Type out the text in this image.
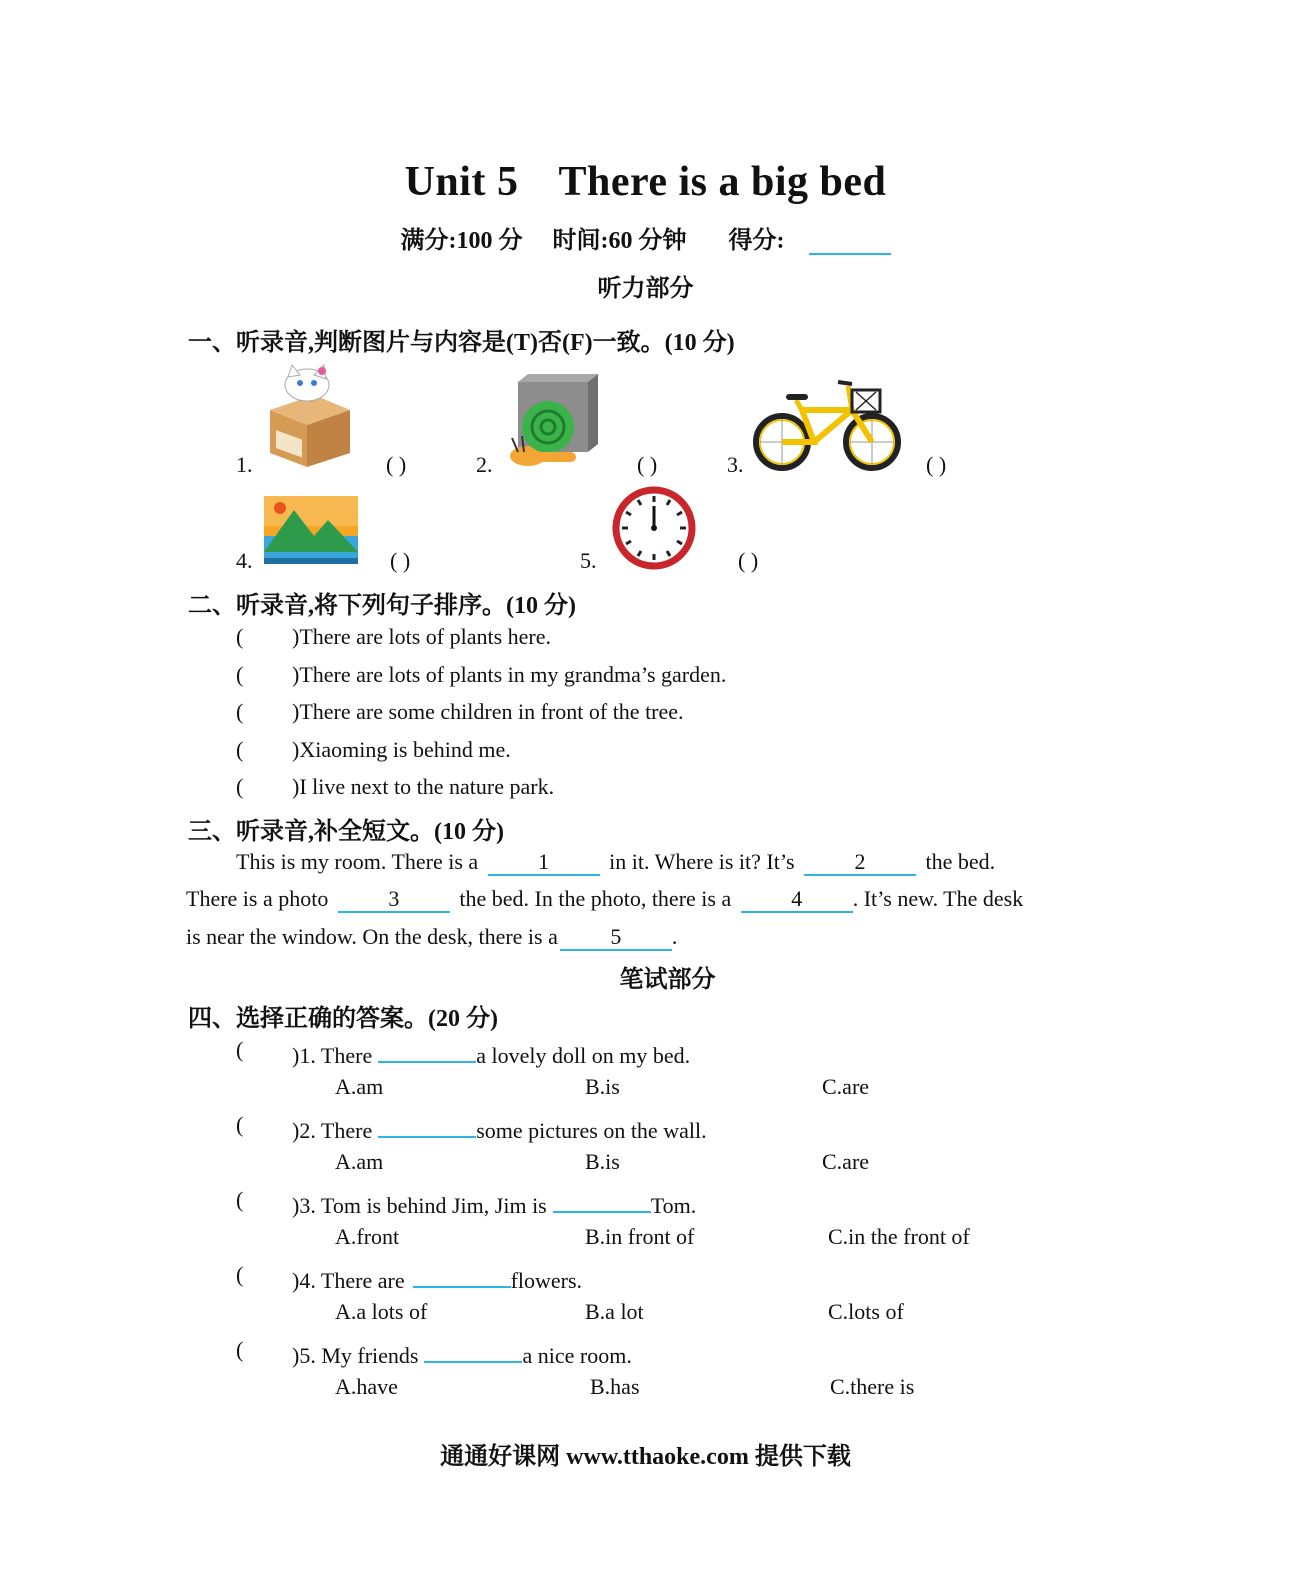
Unit 5 There is a big bed
满分:100 分 时间:60 分钟 得分:
听力部分
一、听录音,判断图片与内容是(T)否(F)一致。(10 分)
1.	( )	2.	( )	3.	( )
4.	( )	5.	( )
二、听录音,将下列句子排序。(10 分)
( )There are lots of plants here.
( )There are lots of plants in my grandma’s garden.
( )There are some children in front of the tree.
( )Xiaoming is behind me.
( )I live next to the nature park.
三、听录音,补全短文。(10 分)
This is my room. There is a	1	in it. Where is it? It’s	2	the bed.
There is a photo	3	the bed. In the photo, there is a	4 . It’s new. The desk
is near the window. On the desk, there is a 5 .
笔试部分
四、选择正确的答案。(20 分)
( )1. There	a lovely doll on my bed.
A.am	B.is	C.are
( )2. There	some pictures on the wall.
A.am	B.is	C.are
( )3. Tom is behind Jim, Jim is	Tom.
A.front	B.in front of	C.in the front of
( )4. There are	flowers.
A.a lots of	B.a lot	C.lots of
( )5. My friends	a nice room.
A.have	B.has	C.there is
通通好课网 www.tthaoke.com 提供下载
